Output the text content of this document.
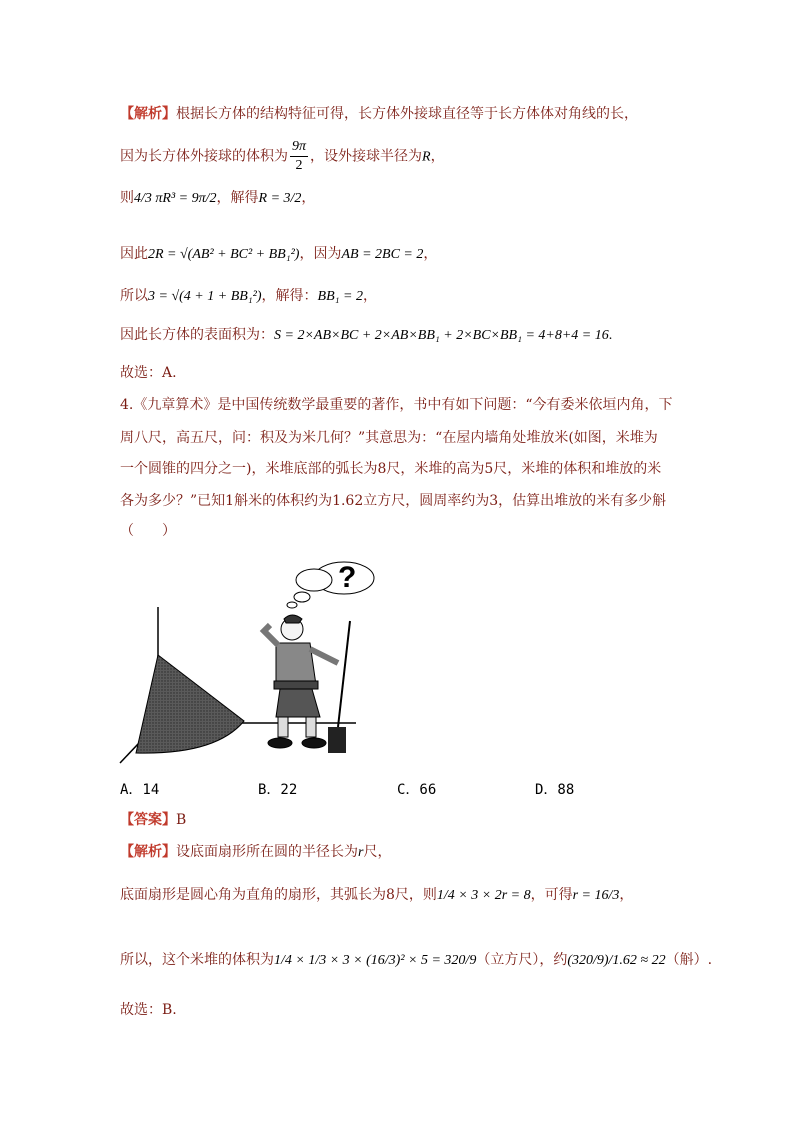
【解析】根据长方体的结构特征可得，长方体外接球直径等于长方体体对角线的长，
因为长方体外接球的体积为 $\frac{9\pi}{2}$ ，设外接球半径为R，
则4/3 πR³ = 9π/2，解得R = 3/2，
因此2R = √(AB² + BC² + BB₁²)，因为AB = 2BC = 2，
所以3 = √(4 + 1 + BB₁²)，解得：BB₁ = 2，
因此长方体的表面积为：S = 2×AB×BC + 2×AB×BB₁ + 2×BC×BB₁ = 4+8+4 = 16.
故选：A.
4.《九章算术》是中国传统数学最重要的著作，书中有如下问题：“今有委米依垣内角，下
周八尺，高五尺，问：积及为米几何？”其意思为：“在屋内墙角处堆放米(如图，米堆为
一个圆锥的四分之一)，米堆底部的弧长为8尺，米堆的高为5尺，米堆的体积和堆放的米
各为多少？”已知1斛米的体积约为1.62立方尺，圆周率约为3，估算出堆放的米有多少斛
（　　）
?
A．14	B．22	C．66	D．88
【答案】B
【解析】设底面扇形所在圆的半径长为r尺，
底面扇形是圆心角为直角的扇形，其弧长为8尺，则1/4 × 3 × 2r = 8，可得r = 16/3，
所以，这个米堆的体积为1/4 × 1/3 × 3 × (16/3)² × 5 = 320/9（立方尺），约(320/9)/1.62 ≈ 22（斛）.
故选：B.
